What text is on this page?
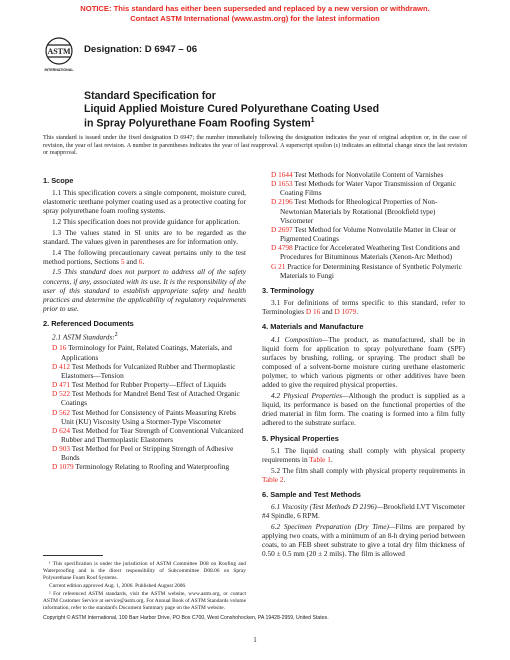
NOTICE: This standard has either been superseded and replaced by a new version or withdrawn.
Contact ASTM International (www.astm.org) for the latest information
ASTM
INTERNATIONAL
Designation: D 6947 – 06
Standard Specification for
Liquid Applied Moisture Cured Polyurethane Coating Used
in Spray Polyurethane Foam Roofing System$^1$
This standard is issued under the fixed designation D 6947; the number immediately following the designation indicates the year of original adoption or, in the case of revision, the year of last revision. A number in parentheses indicates the year of last reapproval. A superscript epsilon (ε) indicates an editorial change since the last revision or reapproval.
1. Scope

1.1 This specification covers a single component, moisture cured, elastomeric urethane polymer coating used as a protective coating for spray polyurethane foam roofing systems.

1.2 This specification does not provide guidance for application.

1.3 The values stated in SI units are to be regarded as the standard. The values given in parentheses are for information only.

1.4 The following precautionary caveat pertains only to the test method portions, Sections 5 and 6.

1.5 This standard does not purport to address all of the safety concerns, if any, associated with its use. It is the responsibility of the user of this standard to establish appropriate safety and health practices and determine the applicability of regulatory requirements prior to use.

2. Referenced Documents

2.1 ASTM Standards:$^2$

D 16 Terminology for Paint, Related Coatings, Materials, and Applications

D 412 Test Methods for Vulcanized Rubber and Thermoplastic Elastomers—Tension

D 471 Test Method for Rubber Property—Effect of Liquids

D 522 Test Methods for Mandrel Bend Test of Attached Organic Coatings

D 562 Test Method for Consistency of Paints Measuring Krebs Unit (KU) Viscosity Using a Stormer-Type Viscometer

D 624 Test Method for Tear Strength of Conventional Vulcanized Rubber and Thermoplastic Elastomers

D 903 Test Method for Peel or Stripping Strength of Adhesive Bonds

D 1079 Terminology Relating to Roofing and Waterproofing

D 1644 Test Methods for Nonvolatile Content of Varnishes

D 1653 Test Methods for Water Vapor Transmission of Organic Coating Films

D 2196 Test Methods for Rheological Properties of Non-Newtonian Materials by Rotational (Brookfield type) Viscometer

D 2697 Test Method for Volume Nonvolatile Matter in Clear or Pigmented Coatings

D 4798 Practice for Accelerated Weathering Test Conditions and Procedures for Bituminous Materials (Xenon-Arc Method)

G 21 Practice for Determining Resistance of Synthetic Polymeric Materials to Fungi

3. Terminology

3.1 For definitions of terms specific to this standard, refer to Terminologies D 16 and D 1079.

4. Materials and Manufacture

4.1 Composition—The product, as manufactured, shall be in liquid form for application to spray polyurethane foam (SPF) surfaces by brushing, rolling, or spraying. The product shall be composed of a solvent-borne moisture curing urethane elastomeric polymer, to which various pigments or other additives have been added to give the required physical properties.

4.2 Physical Properties—Although the product is supplied as a liquid, its performance is based on the functional properties of the dried material in film form. The coating is formed into a film fully adhered to the substrate surface.

5. Physical Properties

5.1 The liquid coating shall comply with physical property requirements in Table 1.

5.2 The film shall comply with physical property requirements in Table 2.

6. Sample and Test Methods

6.1 Viscosity (Test Methods D 2196)—Brookfield LVT Viscometer #4 Spindle, 6 RPM.

6.2 Specimen Preparation (Dry Time)—Films are prepared by applying two coats, with a minimum of an 8-h drying period between coats, to an FEB sheet substrate to give a total dry film thickness of 0.50 ± 0.5 mm (20 ± 2 mils). The film is allowed

¹ This specification is under the jurisdiction of ASTM Committee D08 on Roofing and Waterproofing and is the direct responsibility of Subcommittee D08.06 on Spray Polyurethane Foam Roof Systems.

Current edition approved Aug. 1, 2006. Published August 2006.

² For referenced ASTM standards, visit the ASTM website, www.astm.org, or contact ASTM Customer Service at service@astm.org. For Annual Book of ASTM Standards volume information, refer to the standard's Document Summary page on the ASTM website.

Copyright © ASTM International, 100 Barr Harbor Drive, PO Box C700, West Conshohocken, PA 19428-2959, United States.
1
